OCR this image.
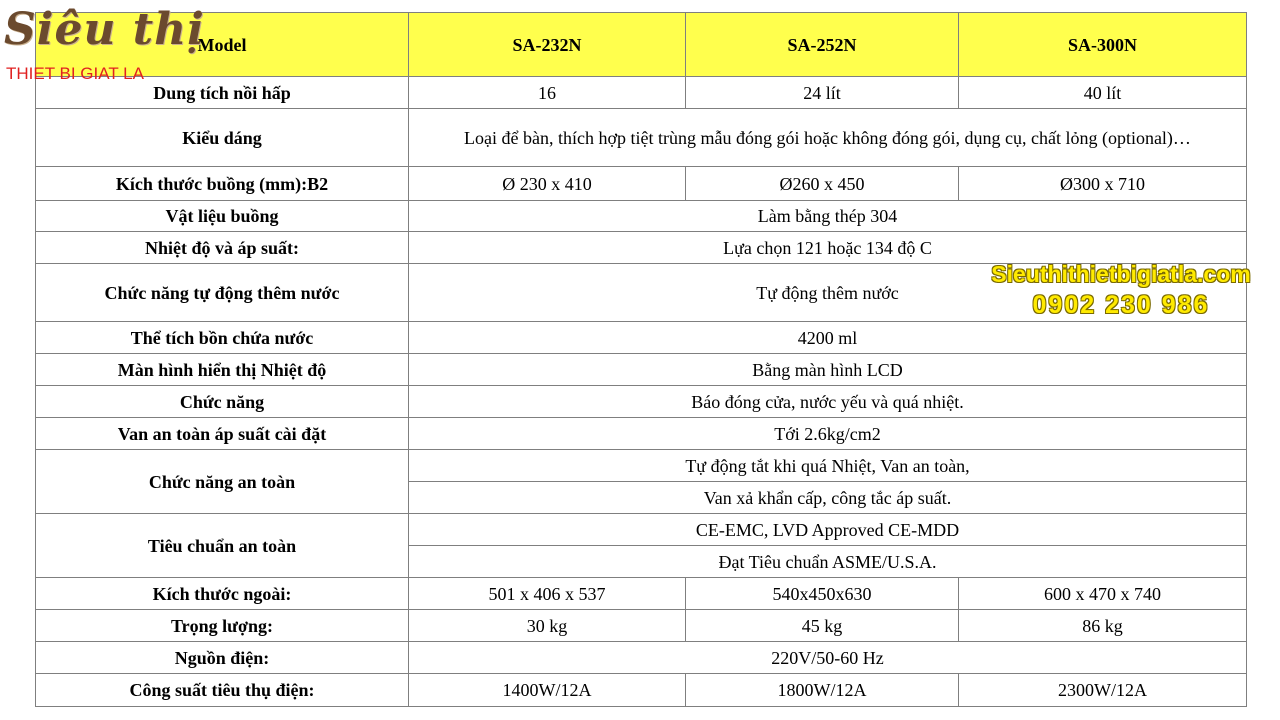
Model	SA-232N	SA-252N	SA-300N
Dung tích nồi hấp	16	24 lít	40 lít
Kiểu dáng	Loại để bàn, thích hợp tiệt trùng mẫu đóng gói hoặc không đóng gói, dụng cụ, chất lỏng (optional)…		
Kích thước buồng (mm):B2	Ø 230 x 410	Ø260 x 450	Ø300 x 710
Vật liệu buồng	Làm bằng thép 304		
Nhiệt độ và áp suất:	Lựa chọn 121 hoặc 134 độ C		
Chức năng tự động thêm nước	Tự động thêm nước		
Thể tích bồn chứa nước	4200 ml		
Màn hình hiển thị Nhiệt độ	Bằng màn hình LCD		
Chức năng	Báo đóng cửa, nước yếu và quá nhiệt.		
Van an toàn áp suất cài đặt	Tới 2.6kg/cm2		
Chức năng an toàn	Tự động tắt khi quá Nhiệt, Van an toàn,		
	Van xả khẩn cấp, công tắc áp suất.		
Tiêu chuẩn an toàn	CE-EMC, LVD Approved CE-MDD		
	Đạt Tiêu chuẩn ASME/U.S.A.		
Kích thước ngoài:	501 x 406 x 537	540x450x630	600 x 470 x 740
Trọng lượng:	30 kg	45 kg	86 kg
Nguồn điện:	220V/50-60 Hz		
Công suất tiêu thụ điện:	1400W/12A	1800W/12A	2300W/12A
Siêu thị
THIET BI GIAT LA
Sieuthithietbigiatla.com
0902 230 986
